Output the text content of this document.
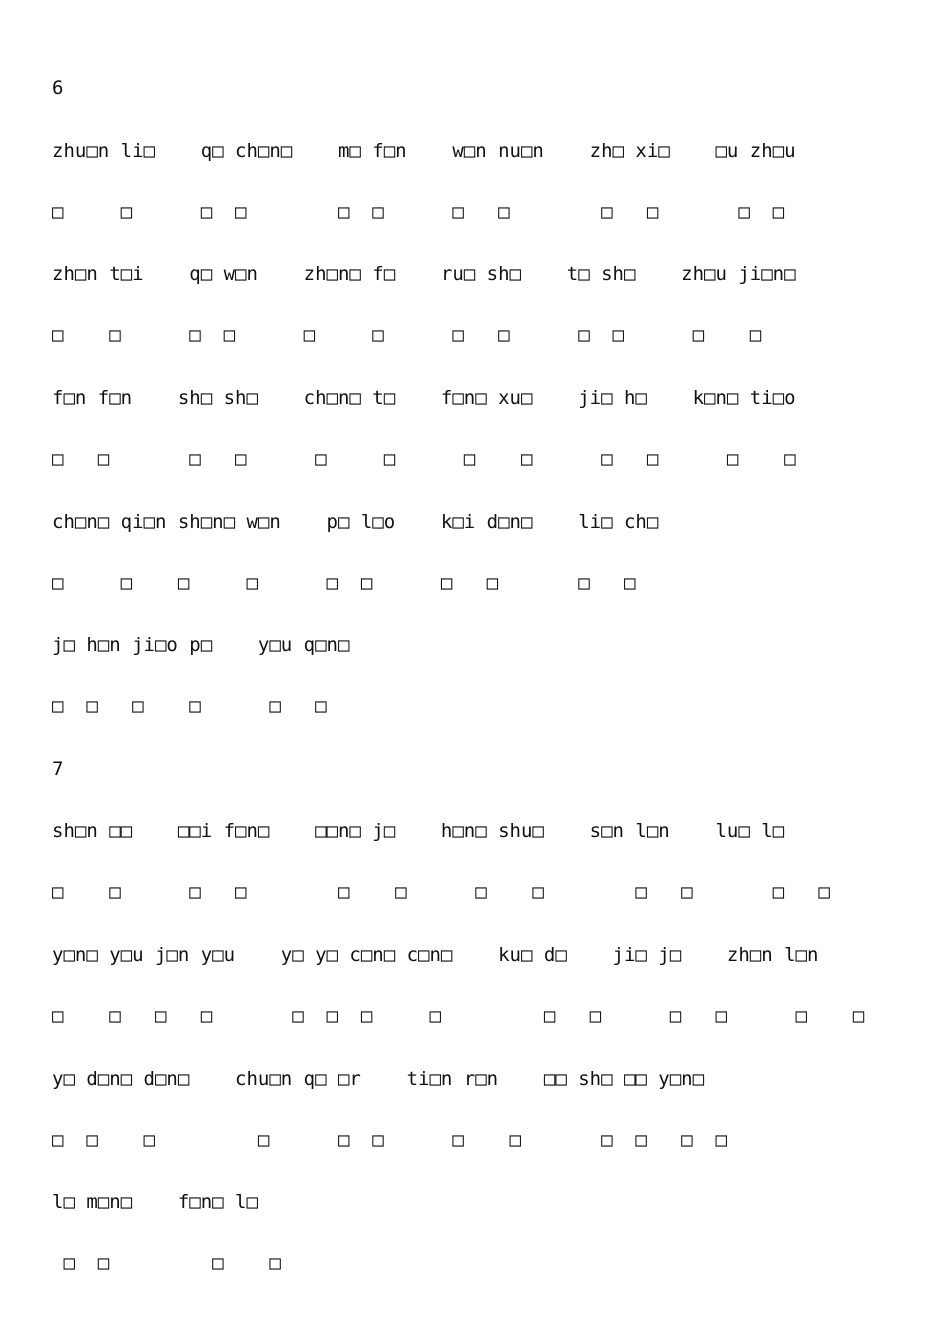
6
zhu□n li□    q□ ch□n□    m□ f□n    w□n nu□n    zh□ xi□    □u zh□u
□     □      □  □        □  □      □   □        □   □       □  □
zh□n t□i    q□ w□n    zh□n□ f□    ru□ sh□    t□ sh□    zh□u ji□n□
□    □      □  □      □     □      □   □      □  □      □    □
f□n f□n    sh□ sh□    ch□n□ t□    f□n□ xu□    ji□ h□    k□n□ ti□o
□   □       □   □      □     □      □    □      □   □      □    □
ch□n□ qi□n sh□n□ w□n    p□ l□o    k□i d□n□    li□ ch□
□     □    □     □      □  □      □   □       □   □
j□ h□n ji□o p□    y□u q□n□
□  □   □    □      □   □
7
sh□n □□    □□i f□n□    □□n□ j□    h□n□ shu□    s□n l□n    lu□ l□
□    □      □   □        □    □      □    □        □   □       □   □
y□n□ y□u j□n y□u    y□ y□ c□n□ c□n□    ku□ d□    ji□ j□    zh□n l□n
□    □   □   □       □  □  □     □         □   □      □   □      □    □
y□ d□n□ d□n□    chu□n q□ □r    ti□n r□n    □□ sh□ □□ y□n□
□  □    □         □      □  □      □    □       □  □   □  □
l□ m□n□    f□n□ l□
□  □         □    □
